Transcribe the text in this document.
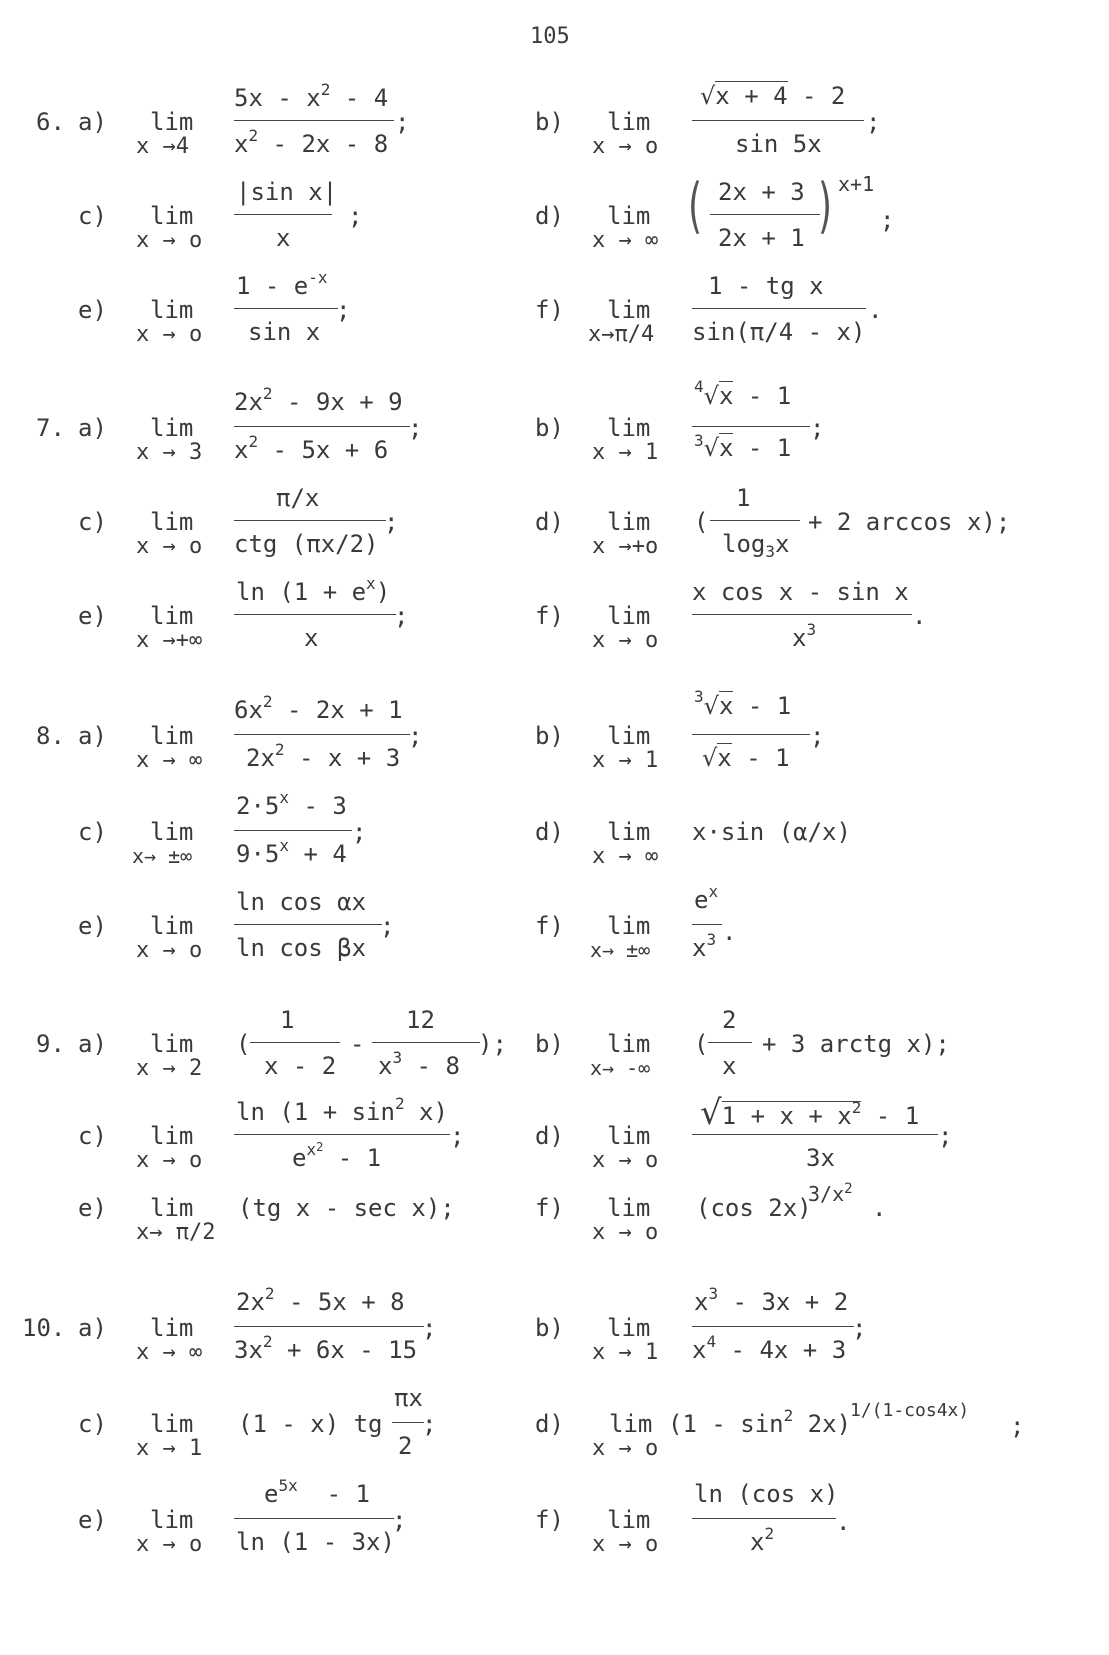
105
6. a) lim
x →4
$5x - x^2 - 4$
$x^2 - 2x - 8$
;	b) lim
x → o
√x + 4 - 2
sin 5x
;
c) lim
x → o
|sin x|
x
;	d) lim
x → ∞ ( 2x + 3
2x + 1 ) x+1
;
e) lim
x → o
$1 - e^{-x}$
sin x
;	f) lim
x→π/4
1 - tg x
sin(π/4 - x)
.
7. a) lim
x → 3
$2x^2 - 9x + 9$
$x^2 - 5x + 6$
;	b) lim
x → 1
$^4$√x - 1
$^3$√x - 1
;
c) lim
x → o
π/x
ctg (πx/2)
;	d) lim
x →+o
(
1
$\log_3x$
+ 2 arccos x);
e) lim
x →+∞
$\ln (1 + e^x)$
x
;	f) lim
x → o
x cos x - sin x
$x^3$	.
8. a) lim
x → ∞
$6x^2 - 2x + 1$
$2x^2 - x + 3$
;	b) lim
x → 1
$^3$√x - 1
√x - 1
;
c) lim
x→ ±∞
$2\cdot 5^x - 3$
$9\cdot 5^x + 4$
;	d) lim
x → ∞
x·sin (α/x)
e) lim
x → o
ln cos αx
ln cos βx
;	f) lim
x→ ±∞
$e^x$
$x^3$ .
9. a) lim
x → 2
(
1
x - 2
-
12
$x^3 - 8$
); b) lim
x→ -∞
(
2
x
+ 3 arctg x);
c) lim
x → o
$\ln (1 + \sin^2 x)$
$e^{x^2} - 1$
;	d) lim
x → o
$√1 + x + x^2 - 1$
3x
;
e) lim
x→ π/2
(tg x - sec x);	f) lim
x → o
(cos 2x)
$3/x^2$
.
10. a) lim
x → ∞
$2x^2 - 5x + 8$
$3x^2 + 6x - 15$
;	b) lim
x → 1
$x^3 - 3x + 2$
$x^4 - 4x + 3$
;
c) lim
x → 1
(1 - x) tg
πx
2
;	d) lim
x → o
$(1 - \sin^2 2x)$
1/(1-cos4x)
;
e) lim
x → o
$e^{5x} - 1$
ln (1 - 3x)
;	f) lim
x → o
ln (cos x)
$x^2$	.
